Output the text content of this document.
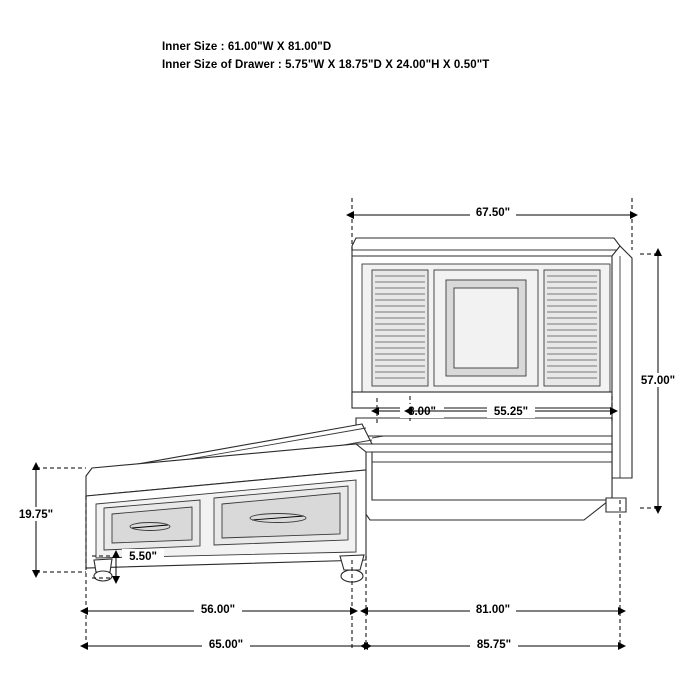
Inner Size : 61.00"W X 81.00"D
Inner Size of Drawer : 5.75"W X 18.75"D X 24.00"H X 0.50"T
67.50"
57.00"
8.00"	55.25"
19.75"
5.50"
56.00"	81.00"
65.00"	85.75"
